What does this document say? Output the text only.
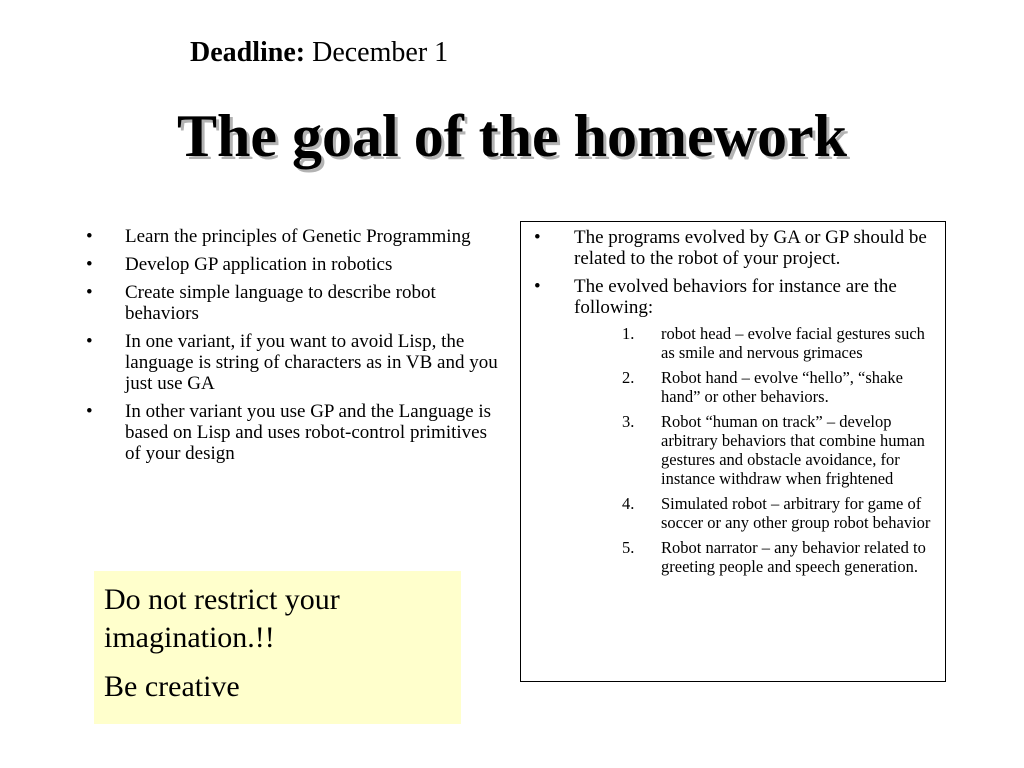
Deadline: December 1
The goal of the homework
• Learn the principles of Genetic Programming
• Develop GP application in robotics
• Create simple language to describe robot behaviors
• In one variant, if you want to avoid Lisp, the language is string of characters as in VB and you just use GA
• In other variant you use GP and the Language is based on Lisp and uses robot-control primitives of your design
• The programs evolved by GA or GP should be related to the robot of your project.
• The evolved behaviors for instance are the following:
1. robot head – evolve facial gestures such as smile and nervous grimaces
2. Robot hand – evolve “hello”, “shake hand” or other behaviors.
3. Robot “human on track” – develop arbitrary behaviors that combine human gestures and obstacle avoidance, for instance withdraw when frightened
4. Simulated robot – arbitrary for game of soccer or any other group robot behavior
5. Robot narrator – any behavior related to greeting people and speech generation.

Do not restrict your imagination.!!

Be creative
